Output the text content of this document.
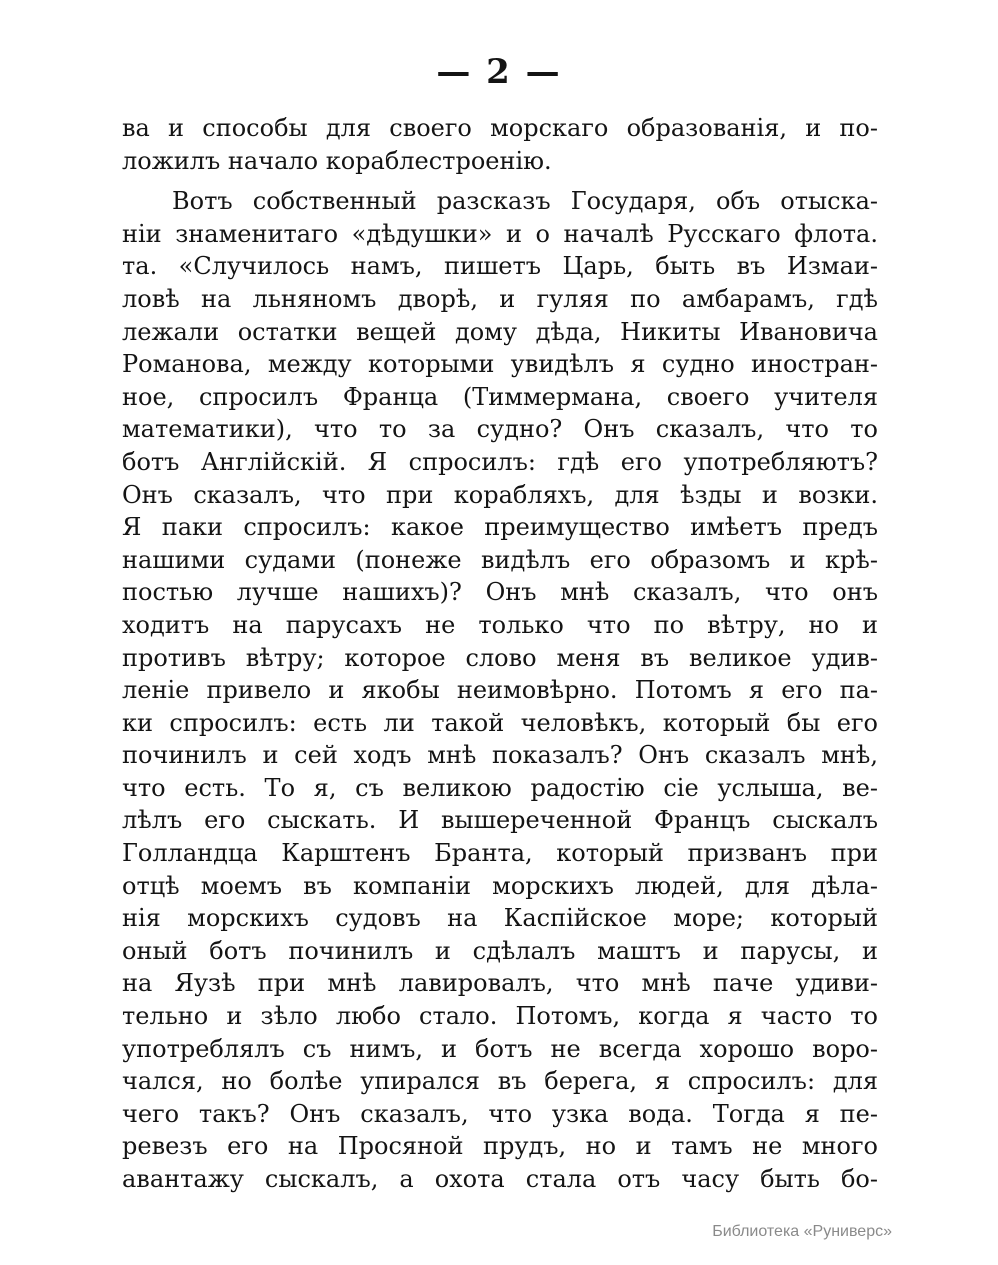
— 2 —
ва и способы для своего морскаго образованія, и по-
ложилъ начало кораблестроенію.
Вотъ собственный разсказъ Государя, объ отыска-
ніи знаменитаго «дѣдушки» и о началѣ Русскаго флота.
та. «Случилось намъ, пишетъ Царь, быть въ Измаи-
ловѣ на льняномъ дворѣ, и гуляя по амбарамъ, гдѣ
лежали остатки вещей дому дѣда, Никиты Ивановича
Романова, между которыми увидѣлъ я судно иностран-
ное, спросилъ Франца (Тиммермана, своего учителя
математики), что то за судно? Онъ сказалъ, что то
ботъ Англійскій. Я спросилъ: гдѣ его употребляютъ?
Онъ сказалъ, что при корабляхъ, для ѣзды и возки.
Я паки спросилъ: какое преимущество имѣетъ предъ
нашими судами (понеже видѣлъ его образомъ и крѣ-
постью лучше нашихъ)? Онъ мнѣ сказалъ, что онъ
ходитъ на парусахъ не только что по вѣтру, но и
противъ вѣтру; которое слово меня въ великое удив-
леніе привело и якобы неимовѣрно. Потомъ я его па-
ки спросилъ: есть ли такой человѣкъ, который бы его
починилъ и сей ходъ мнѣ показалъ? Онъ сказалъ мнѣ,
что есть. То я, съ великою радостію сіе услыша, ве-
лѣлъ его сыскать. И вышереченной Францъ сыскалъ
Голландца Карштенъ Бранта, который призванъ при
отцѣ моемъ въ компаніи морскихъ людей, для дѣла-
нія морскихъ судовъ на Каспійское море; который
оный ботъ починилъ и сдѣлалъ маштъ и парусы, и
на Яузѣ при мнѣ лавировалъ, что мнѣ паче удиви-
тельно и зѣло любо стало. Потомъ, когда я часто то
употреблялъ съ нимъ, и ботъ не всегда хорошо воро-
чался, но болѣе упирался въ берега, я спросилъ: для
чего такъ? Онъ сказалъ, что узка вода. Тогда я пе-
ревезъ его на Просяной прудъ, но и тамъ не много
авантажу сыскалъ, а охота стала отъ часу быть бо-
Библиотека «Руниверс»
